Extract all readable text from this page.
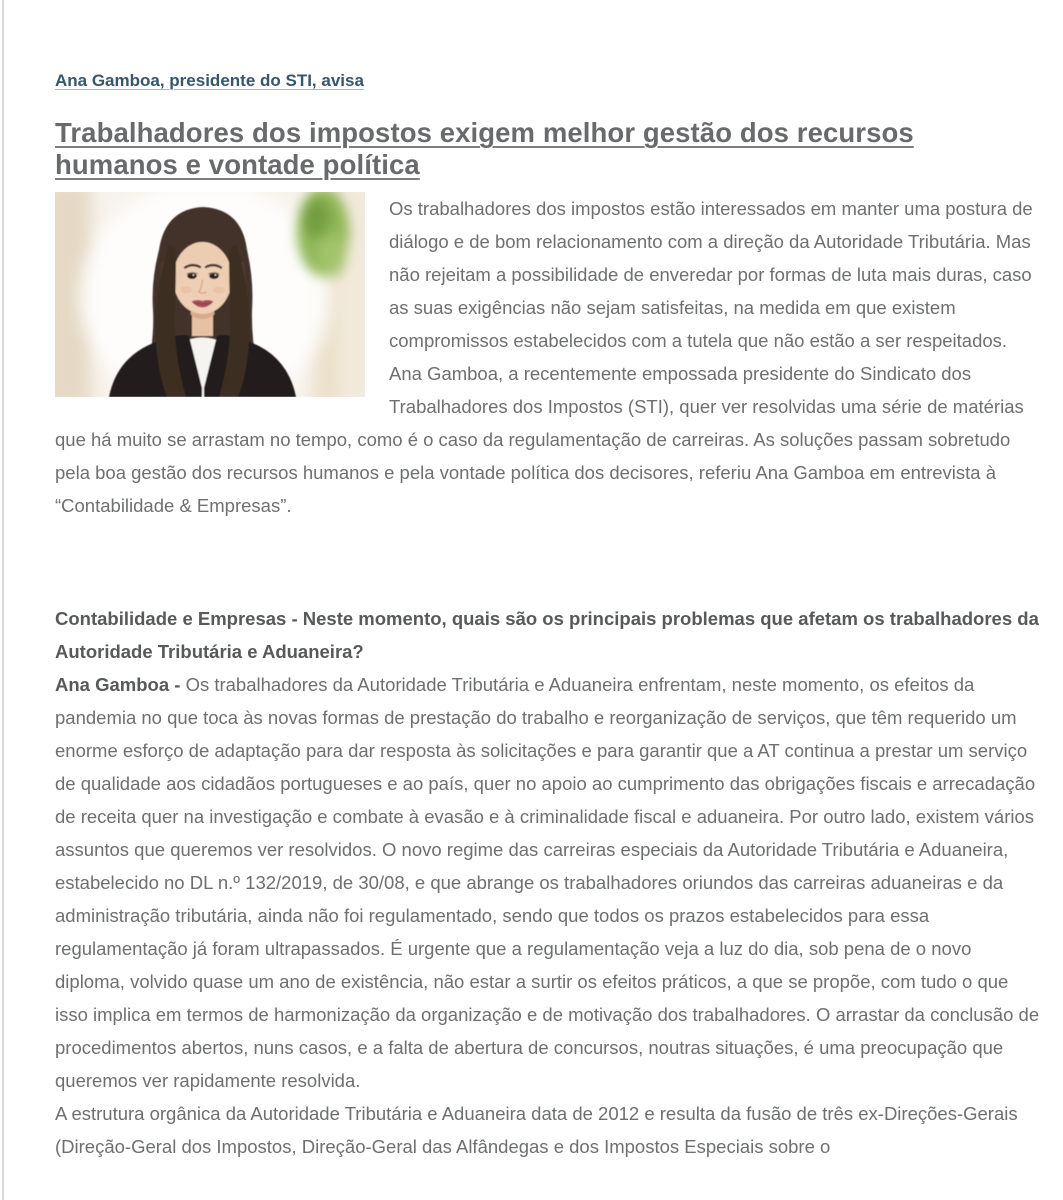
Ana Gamboa, presidente do STI, avisa
Trabalhadores dos impostos exigem melhor gestão dos recursos humanos e vontade política

Os trabalhadores dos impostos estão interessados em manter uma postura de diálogo e de bom relacionamento com a direção da Autoridade Tributária. Mas não rejeitam a possibilidade de enveredar por formas de luta mais duras, caso as suas exigências não sejam satisfeitas, na medida em que existem compromissos estabelecidos com a tutela que não estão a ser respeitados. Ana Gamboa, a recentemente empossada presidente do Sindicato dos Trabalhadores dos Impostos (STI), quer ver resolvidas uma série de matérias que há muito se arrastam no tempo, como é o caso da regulamentação de carreiras. As soluções passam sobretudo pela boa gestão dos recursos humanos e pela vontade política dos decisores, referiu Ana Gamboa em entrevista à “Contabilidade & Empresas”.

Contabilidade e Empresas - Neste momento, quais são os principais problemas que afetam os trabalhadores da Autoridade Tributária e Aduaneira?

Ana Gamboa - Os trabalhadores da Autoridade Tributária e Aduaneira enfrentam, neste momento, os efeitos da pandemia no que toca às novas formas de prestação do trabalho e reorganização de serviços, que têm requerido um enorme esforço de adaptação para dar resposta às solicitações e para garantir que a AT continua a prestar um serviço de qualidade aos cidadãos portugueses e ao país, quer no apoio ao cumprimento das obrigações fiscais e arrecadação de receita quer na investigação e combate à evasão e à criminalidade fiscal e aduaneira. Por outro lado, existem vários assuntos que queremos ver resolvidos. O novo regime das carreiras especiais da Autoridade Tributária e Aduaneira, estabelecido no DL n.º 132/2019, de 30/08, e que abrange os trabalhadores oriundos das carreiras aduaneiras e da administração tributária, ainda não foi regulamentado, sendo que todos os prazos estabelecidos para essa regulamentação já foram ultrapassados. É urgente que a regulamentação veja a luz do dia, sob pena de o novo diploma, volvido quase um ano de existência, não estar a surtir os efeitos práticos, a que se propõe, com tudo o que isso implica em termos de harmonização da organização e de motivação dos trabalhadores. O arrastar da conclusão de procedimentos abertos, nuns casos, e a falta de abertura de concursos, noutras situações, é uma preocupação que queremos ver rapidamente resolvida.

A estrutura orgânica da Autoridade Tributária e Aduaneira data de 2012 e resulta da fusão de três ex-Direções-Gerais (Direção-Geral dos Impostos, Direção-Geral das Alfândegas e dos Impostos Especiais sobre o
